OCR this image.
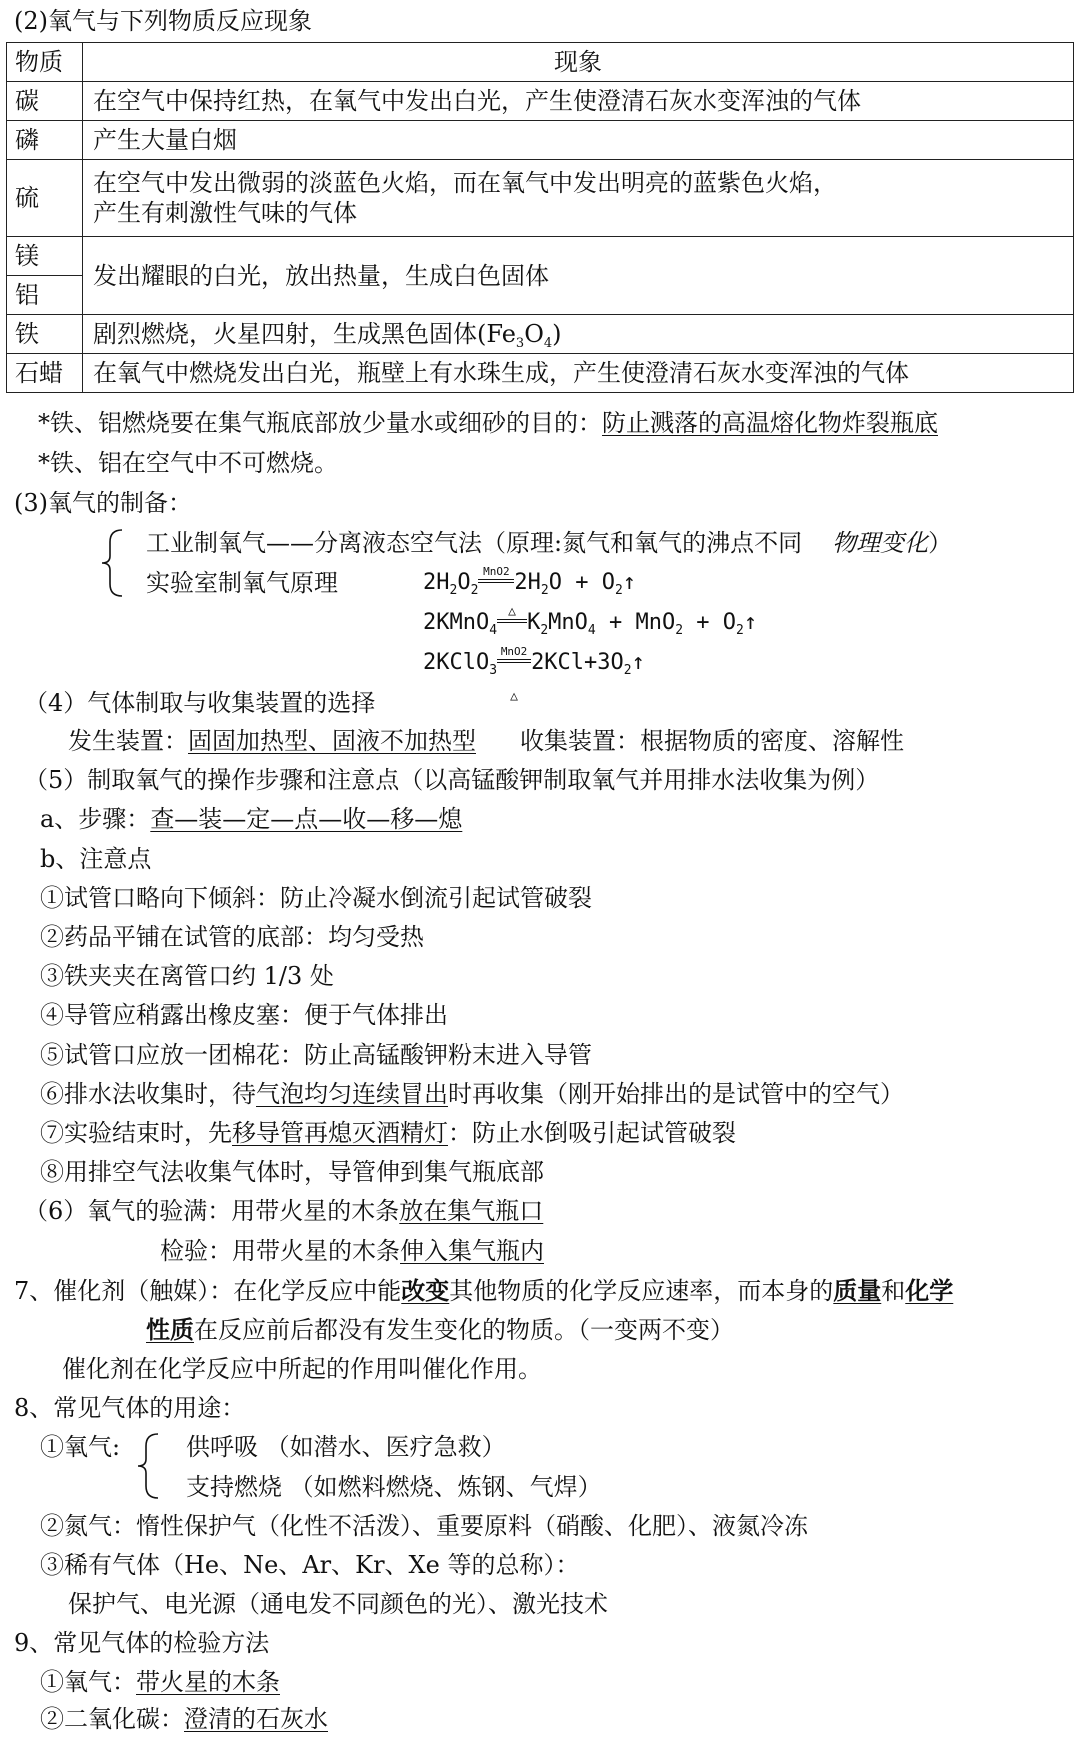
(2)氧气与下列物质反应现象
物质	现象
碳	在空气中保持红热，在氧气中发出白光，产生使澄清石灰水变浑浊的气体
磷	产生大量白烟
硫	在空气中发出微弱的淡蓝色火焰，而在氧气中发出明亮的蓝紫色火焰，
产生有刺激性气味的气体

镁	发出耀眼的白光，放出热量，生成白色固体
铝	
铁	剧烈燃烧，火星四射，生成黑色固体$(Fe_3O_4)$
石蜡	在氧气中燃烧发出白光，瓶壁上有水珠生成，产生使澄清石灰水变浑浊的气体
*铁、铝燃烧要在集气瓶底部放少量水或细砂的目的：防止溅落的高温熔化物炸裂瓶底
*铁、铝在空气中不可燃烧。
(3)氧气的制备：
工业制氧气——分离液态空气法（原理:氮气和氧气的沸点不同 物理变化）
实验室制氧气原理	$2H_2O_2$
MnO2 $2H_2O$ + $O_2↑$
2KMnO$_4$
△ $K_2MnO_4 + MnO_2$ + $O_2↑$
2KClO$_3$
MnO2
△
$2KCl+3O_2↑$
（4）气体制取与收集装置的选择
发生装置：固固加热型、固液不加热型 收集装置：根据物质的密度、溶解性
（5）制取氧气的操作步骤和注意点（以高锰酸钾制取氧气并用排水法收集为例）
a、步骤：查—装—定—点—收—移—熄
b、注意点
①试管口略向下倾斜：防止冷凝水倒流引起试管破裂
②药品平铺在试管的底部：均匀受热
③铁夹夹在离管口约 1/3 处
④导管应稍露出橡皮塞：便于气体排出
⑤试管口应放一团棉花：防止高锰酸钾粉末进入导管
⑥排水法收集时，待气泡均匀连续冒出时再收集（刚开始排出的是试管中的空气）
⑦实验结束时，先移导管再熄灭酒精灯：防止水倒吸引起试管破裂
⑧用排空气法收集气体时，导管伸到集气瓶底部
（6）氧气的验满：用带火星的木条放在集气瓶口
检验：用带火星的木条伸入集气瓶内
7、催化剂（触媒）：在化学反应中能改变其他物质的化学反应速率，而本身的质量和化学
性质在反应前后都没有发生变化的物质。（一变两不变）
催化剂在化学反应中所起的作用叫催化作用。
8、常见气体的用途：
①氧气:	供呼吸 （如潜水、医疗急救）
支持燃烧 （如燃料燃烧、炼钢、气焊）
②氮气：惰性保护气（化性不活泼）、重要原料（硝酸、化肥）、液氮冷冻
③稀有气体（He、Ne、Ar、Kr、Xe 等的总称）：
保护气、电光源（通电发不同颜色的光）、激光技术
9、常见气体的检验方法
①氧气：带火星的木条
②二氧化碳：澄清的石灰水
